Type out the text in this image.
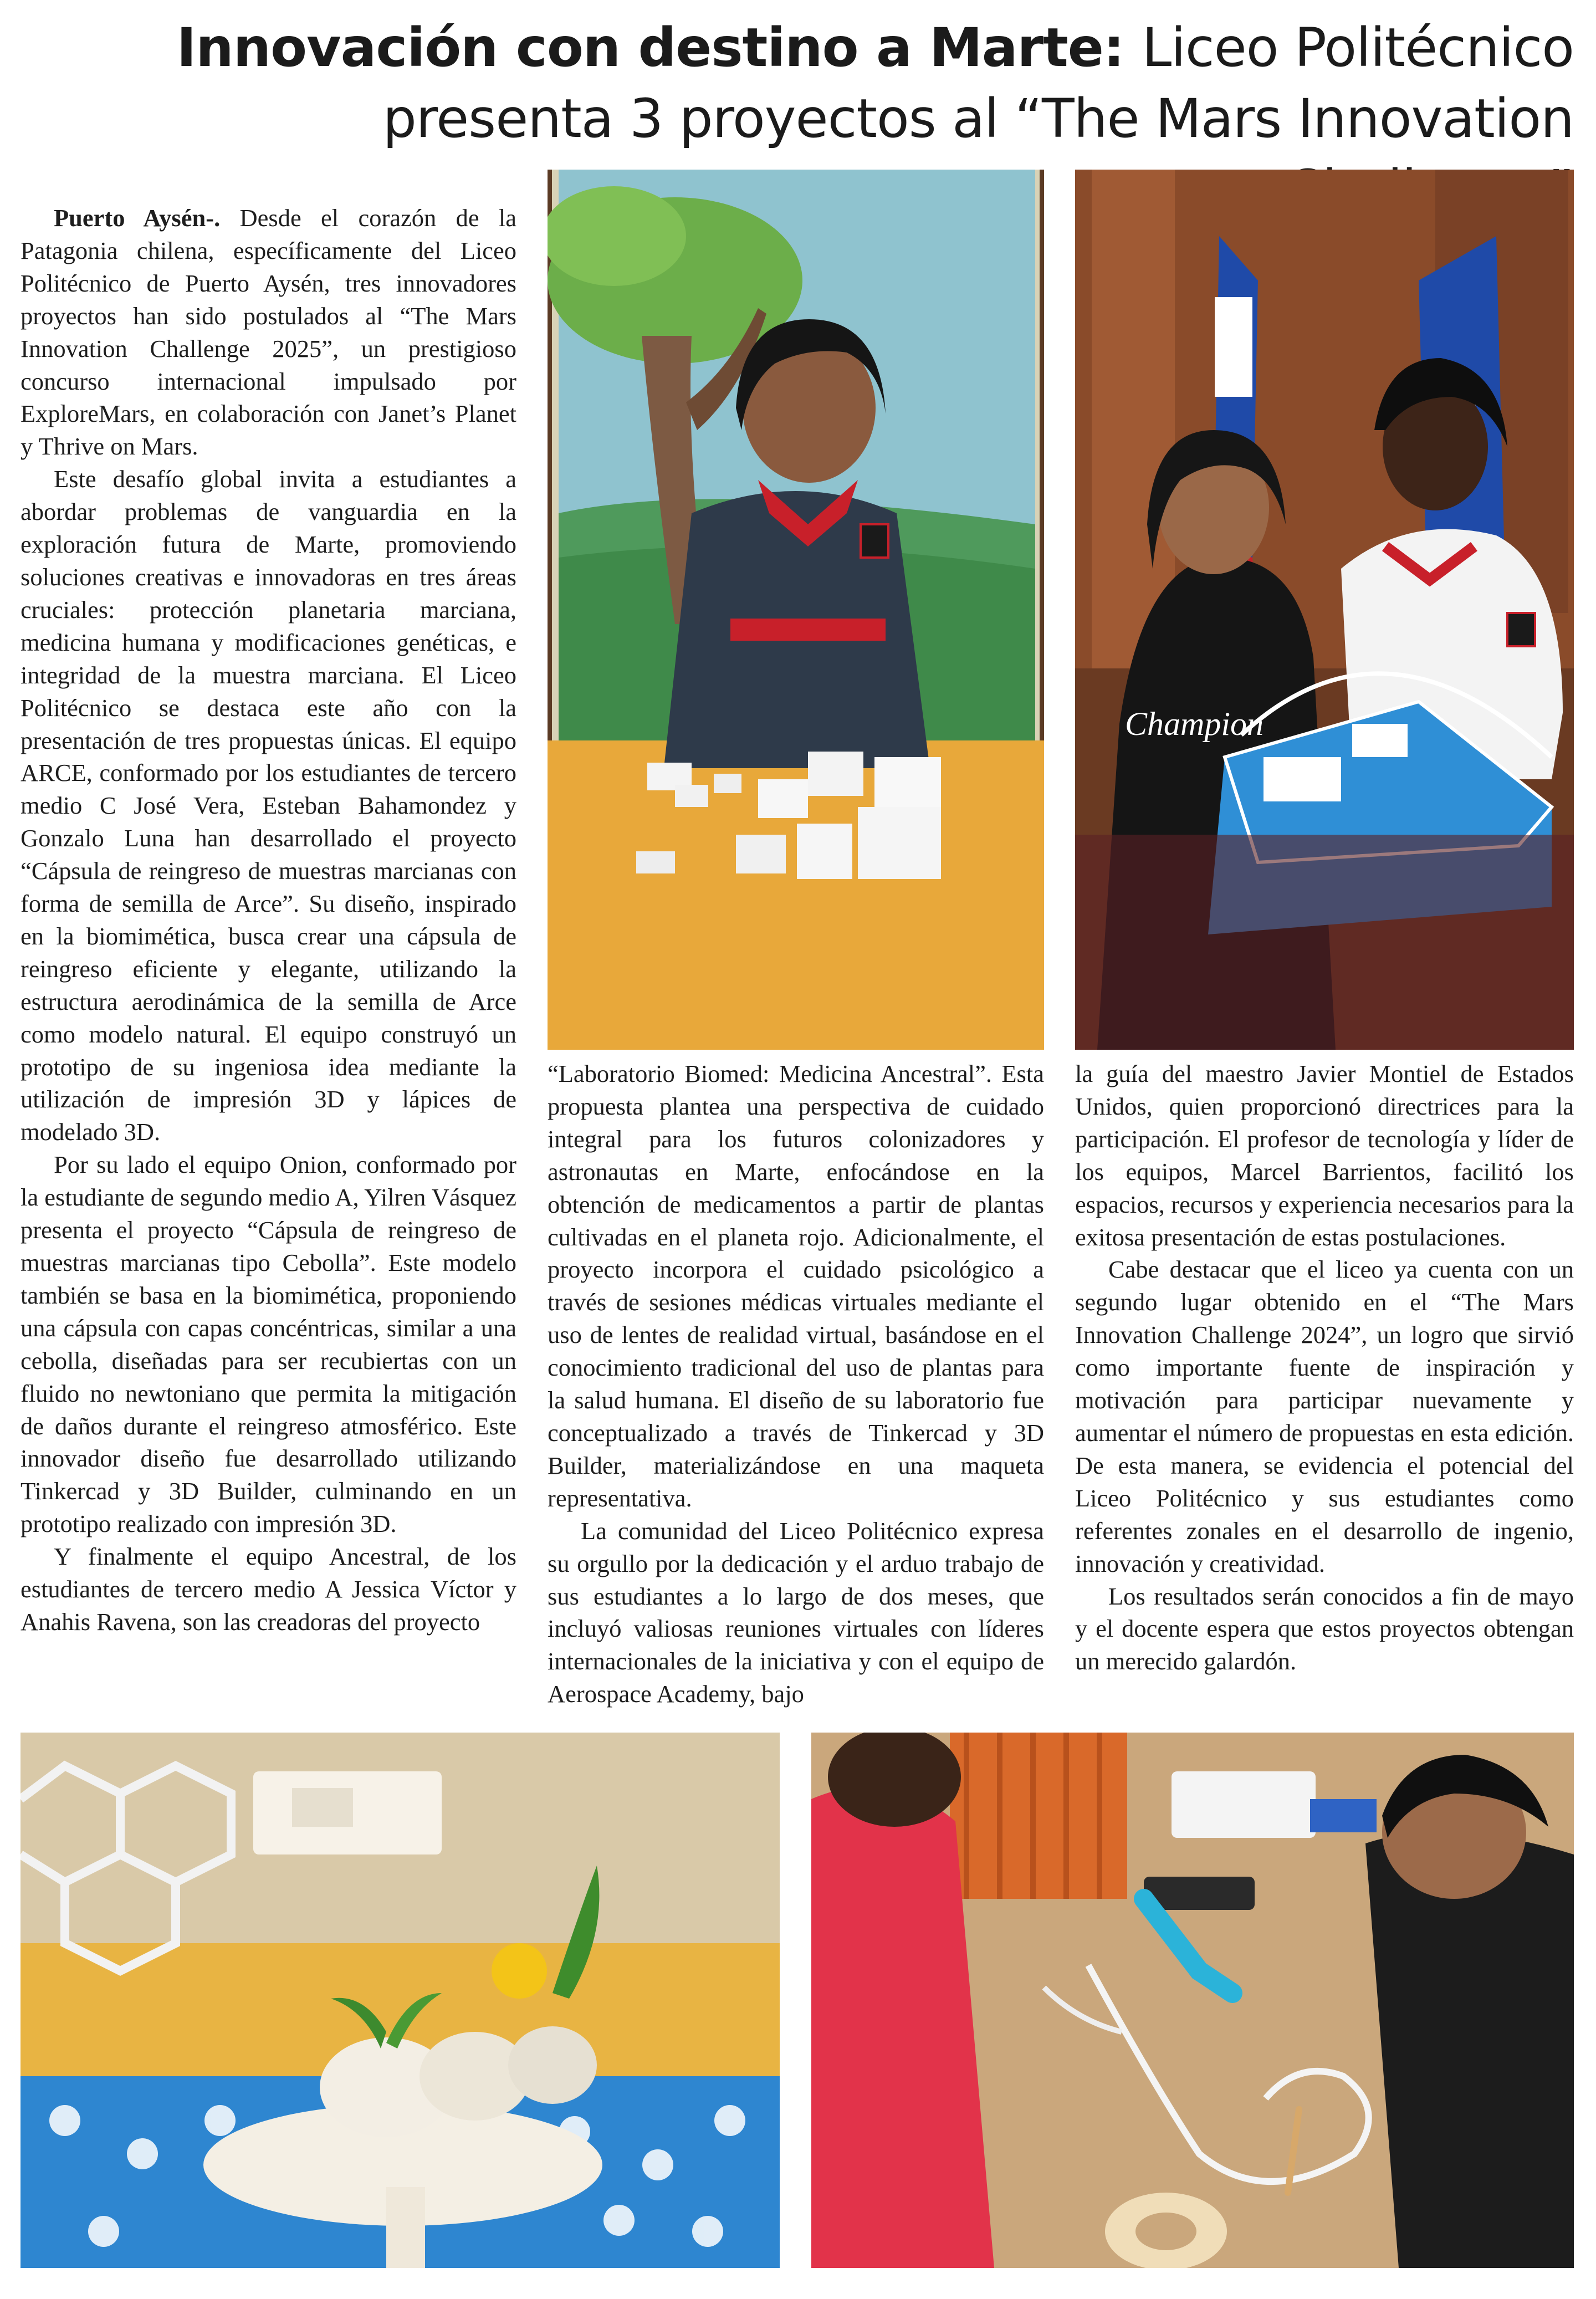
Innovación con destino a Marte: Liceo Politécnico
presenta 3 proyectos al “The Mars Innovation

Puerto Aysén-. Desde el corazón de la Patagonia chilena, específicamente del Liceo Politécnico de Puerto Aysén, tres innovadores proyectos han sido postulados al “The Mars Innovation Challenge 2025”, un prestigioso concurso internacional impulsado por ExploreMars, en colaboración con Janet’s Planet y Thrive on Mars.

Este desafío global invita a estudiantes a abordar problemas de vanguardia en la exploración futura de Marte, promoviendo soluciones creativas e innovadoras en tres áreas cruciales: protección planetaria marciana, medicina humana y modificaciones genéticas, e integridad de la muestra marciana. El Liceo Politécnico se destaca este año con la presentación de tres propuestas únicas. El equipo ARCE, conformado por los estudiantes de tercero medio C José Vera, Esteban Bahamondez y Gonzalo Luna han desarrollado el proyecto “Cápsula de reingreso de muestras marcianas con forma de semilla de Arce”. Su diseño, inspirado en la biomimética, busca crear una cápsula de reingreso eficiente y elegante, utilizando la estructura aerodinámica de la semilla de Arce como modelo natural. El equipo construyó un prototipo de su ingeniosa idea mediante la utilización de impresión 3D y lápices de modelado 3D.

Por su lado el equipo Onion, conformado por la estudiante de segundo medio A, Yilren Vásquez presenta el proyecto “Cápsula de reingreso de muestras marcianas tipo Cebolla”. Este modelo también se basa en la biomimética, proponiendo una cápsula con capas concéntricas, similar a una cebolla, diseñadas para ser recubiertas con un fluido no newtoniano que permita la mitigación de daños durante el reingreso atmosférico. Este innovador diseño fue desarrollado utilizando Tinkercad y 3D Builder, culminando en un prototipo realizado con impresión 3D.

Y finalmente el equipo Ancestral, de los estudiantes de tercero medio A Jessica Víctor y Anahis Ravena, son las creadoras del proyecto

“Laboratorio Biomed: Medicina Ancestral”. Esta propuesta plantea una perspectiva de cuidado integral para los futuros colonizadores y astronautas en Marte, enfocándose en la obtención de medicamentos a partir de plantas cultivadas en el planeta rojo. Adicionalmente, el proyecto incorpora el cuidado psicológico a través de sesiones médicas virtuales mediante el uso de lentes de realidad virtual, basándose en el conocimiento tradicional del uso de plantas para la salud humana. El diseño de su laboratorio fue conceptualizado a través de Tinkercad y 3D Builder, materializándose en una maqueta representativa.

La comunidad del Liceo Politécnico expresa su orgullo por la dedicación y el arduo trabajo de sus estudiantes a lo largo de dos meses, que incluyó valiosas reuniones virtuales con líderes internacionales de la iniciativa y con el equipo de Aerospace Academy, bajo

la guía del maestro Javier Montiel de Estados Unidos, quien proporcionó directrices para la participación. El profesor de tecnología y líder de los equipos, Marcel Barrientos, facilitó los espacios, recursos y experiencia necesarios para la exitosa presentación de estas postulaciones.

Cabe destacar que el liceo ya cuenta con un segundo lugar obtenido en el “The Mars Innovation Challenge 2024”, un logro que sirvió como importante fuente de inspiración y motivación para participar nuevamente y aumentar el número de propuestas en esta edición. De esta manera, se evidencia el potencial del Liceo Politécnico y sus estudiantes como referentes zonales en el desarrollo de ingenio, innovación y creatividad.

Los resultados serán conocidos a fin de mayo y el docente espera que estos proyectos obtengan un merecido galardón.

Champion
